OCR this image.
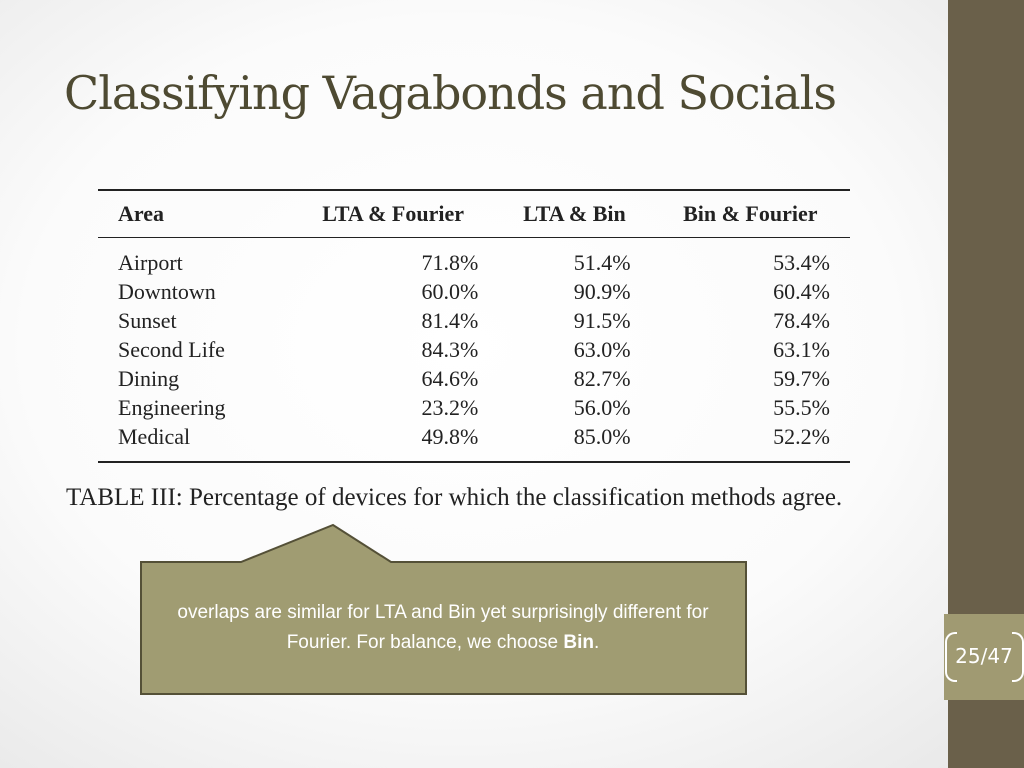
25/47
Classifying Vagabonds and Socials
Area	LTA & Fourier	LTA & Bin	Bin & Fourier
Airport	71.8%	51.4%	53.4%
Downtown	60.0%	90.9%	60.4%
Sunset	81.4%	91.5%	78.4%
Second Life	84.3%	63.0%	63.1%
Dining	64.6%	82.7%	59.7%
Engineering	23.2%	56.0%	55.5%
Medical	49.8%	85.0%	52.2%
TABLE III: Percentage of devices for which the classification methods agree.
overlaps are similar for LTA and Bin yet surprisingly different for Fourier. For balance, we choose Bin.
